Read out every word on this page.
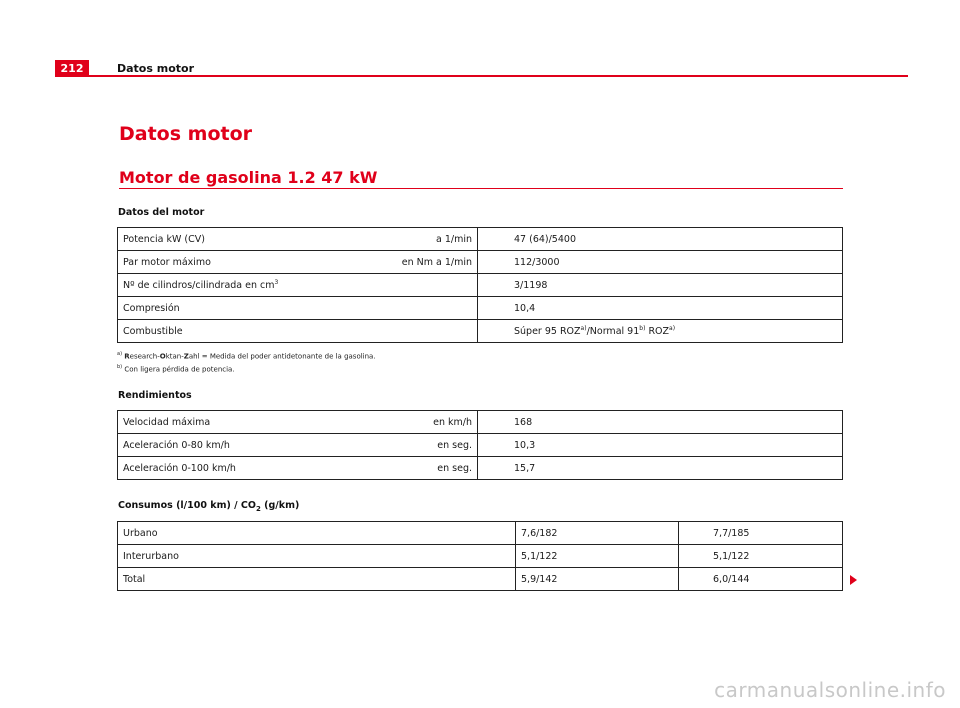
212	Datos motor
Datos motor
Motor de gasolina 1.2 47 kW
Datos del motor
Potencia kW (CV) a 1/min	47 (64)/5400

Par motor máximo en Nm a 1/min	112/3000
Nº de cilindros/cilindrada en $cm^3$	3/1198
Compresión	10,4
Combustible	Súper 95 ROZ$^{a)}$/Normal 91$^{b)}$ ROZ$^{a)}$
$^{a)}$ Research-Oktan-Zahl = Medida del poder antidetonante de la gasolina.
$^{b)}$ Con ligera pérdida de potencia.
Rendimientos
Velocidad máxima en km/h	168

Aceleración 0-80 km/h en seg.	10,3

Aceleración 0-100 km/h en seg.	15,7
Consumos (l/100 $km) / CO_2$ (g/km)
Urbano	7,6/182	7,7/185
Interurbano	5,1/122	5,1/122
Total	5,9/142	6,0/144
carmanualsonline.info
